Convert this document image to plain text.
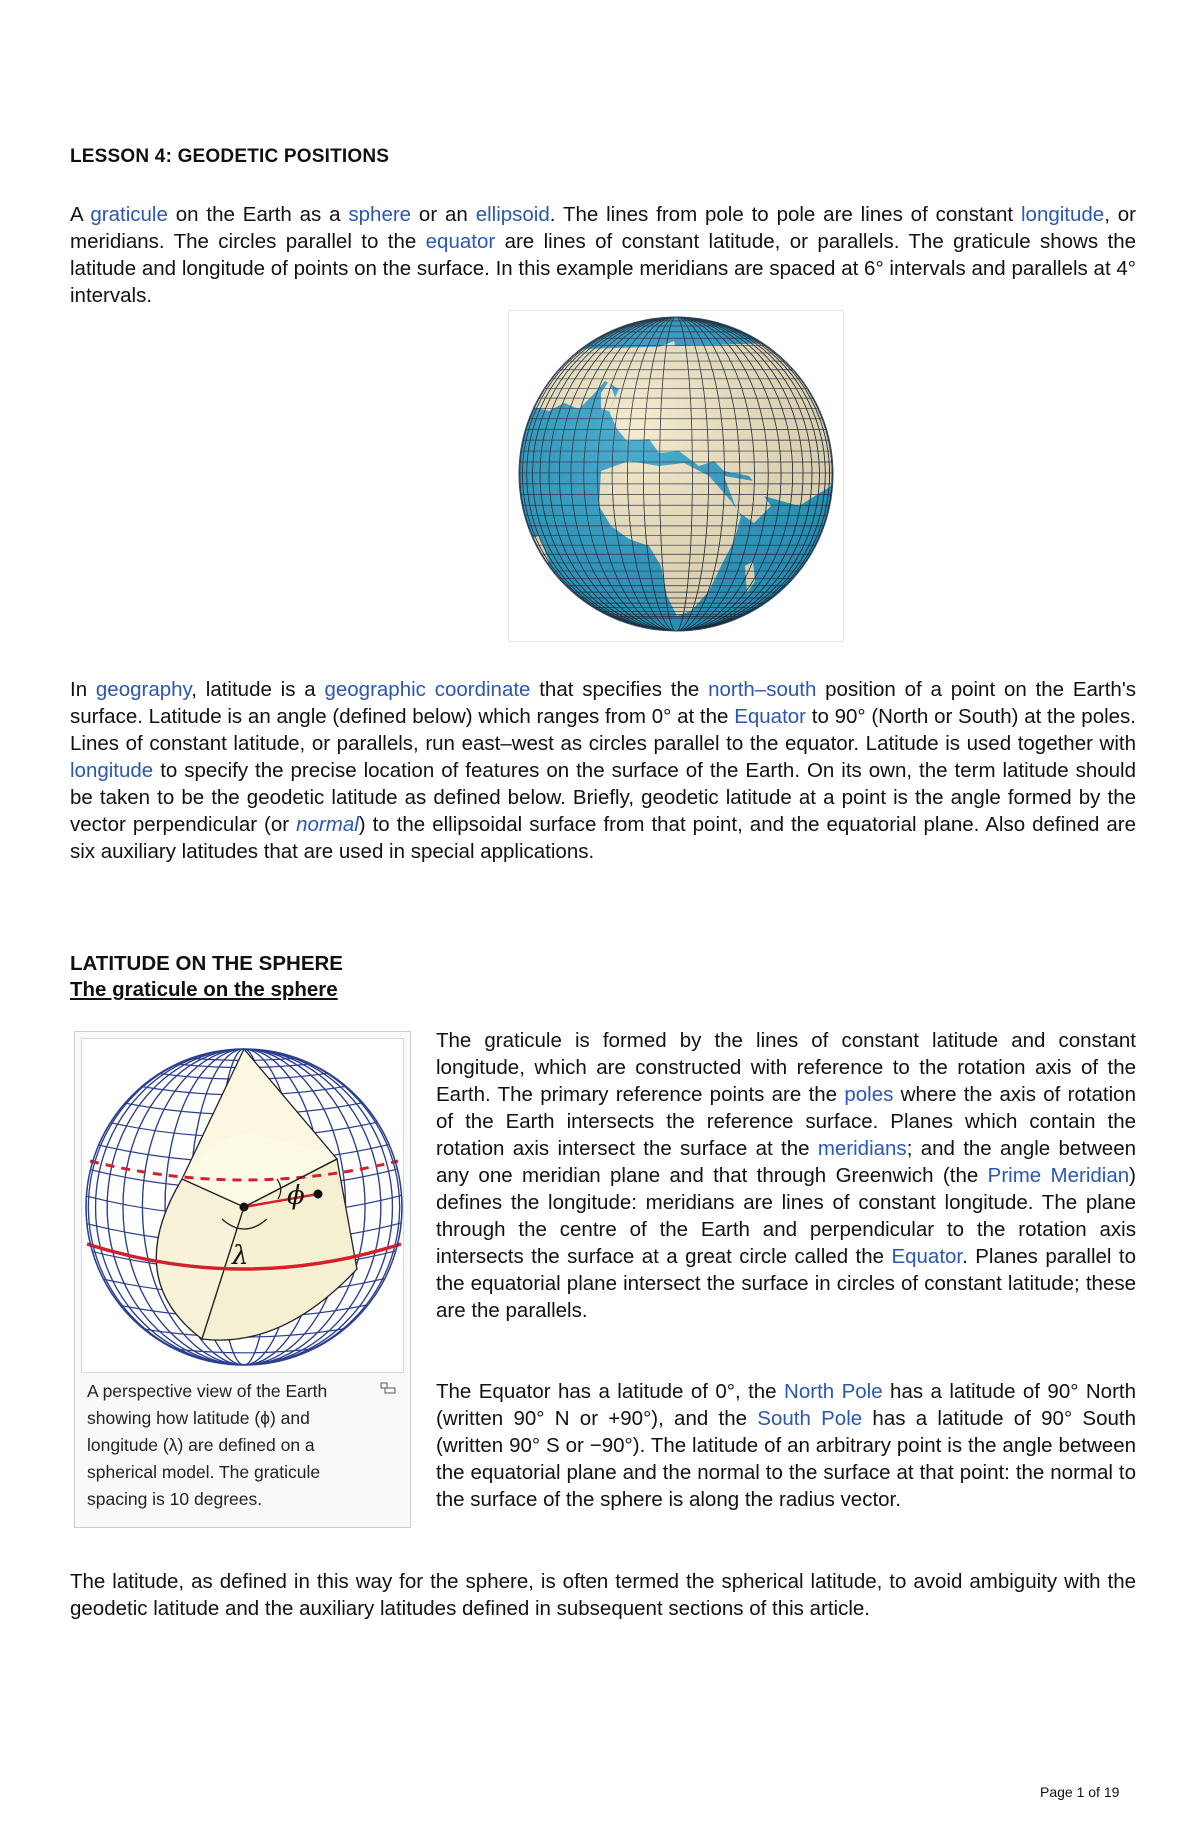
LESSON 4: GEODETIC POSITIONS

A graticule on the Earth as a sphere or an ellipsoid. The lines from pole to pole are lines of constant longitude, or meridians. The circles parallel to the equator are lines of constant latitude, or parallels. The graticule shows the latitude and longitude of points on the surface. In this example meridians are spaced at 6° intervals and parallels at 4° intervals.

In geography, latitude is a geographic coordinate that specifies the north–south position of a point on the Earth's surface. Latitude is an angle (defined below) which ranges from 0° at the Equator to 90° (North or South) at the poles. Lines of constant latitude, or parallels, run east–west as circles parallel to the equator. Latitude is used together with longitude to specify the precise location of features on the surface of the Earth. On its own, the term latitude should be taken to be the geodetic latitude as defined below. Briefly, geodetic latitude at a point is the angle formed by the vector perpendicular (or normal) to the ellipsoidal surface from that point, and the equatorial plane. Also defined are six auxiliary latitudes that are used in special applications.

LATITUDE ON THE SPHERE
The graticule on the sphere
ϕ
λ

A perspective view of the Earth showing how latitude (ϕ) and longitude (λ) are defined on a spherical model. The graticule spacing is 10 degrees.

The graticule is formed by the lines of constant latitude and constant longitude, which are constructed with reference to the rotation axis of the Earth. The primary reference points are the poles where the axis of rotation of the Earth intersects the reference surface. Planes which contain the rotation axis intersect the surface at the meridians; and the angle between any one meridian plane and that through Greenwich (the Prime Meridian) defines the longitude: meridians are lines of constant longitude. The plane through the centre of the Earth and perpendicular to the rotation axis intersects the surface at a great circle called the Equator. Planes parallel to the equatorial plane intersect the surface in circles of constant latitude; these are the parallels.

The Equator has a latitude of 0°, the North Pole has a latitude of 90° North (written 90° N or +90°), and the South Pole has a latitude of 90° South (written 90° S or −90°). The latitude of an arbitrary point is the angle between the equatorial plane and the normal to the surface at that point: the normal to the surface of the sphere is along the radius vector.

The latitude, as defined in this way for the sphere, is often termed the spherical latitude, to avoid ambiguity with the geodetic latitude and the auxiliary latitudes defined in subsequent sections of this article.

Page 1 of 19
